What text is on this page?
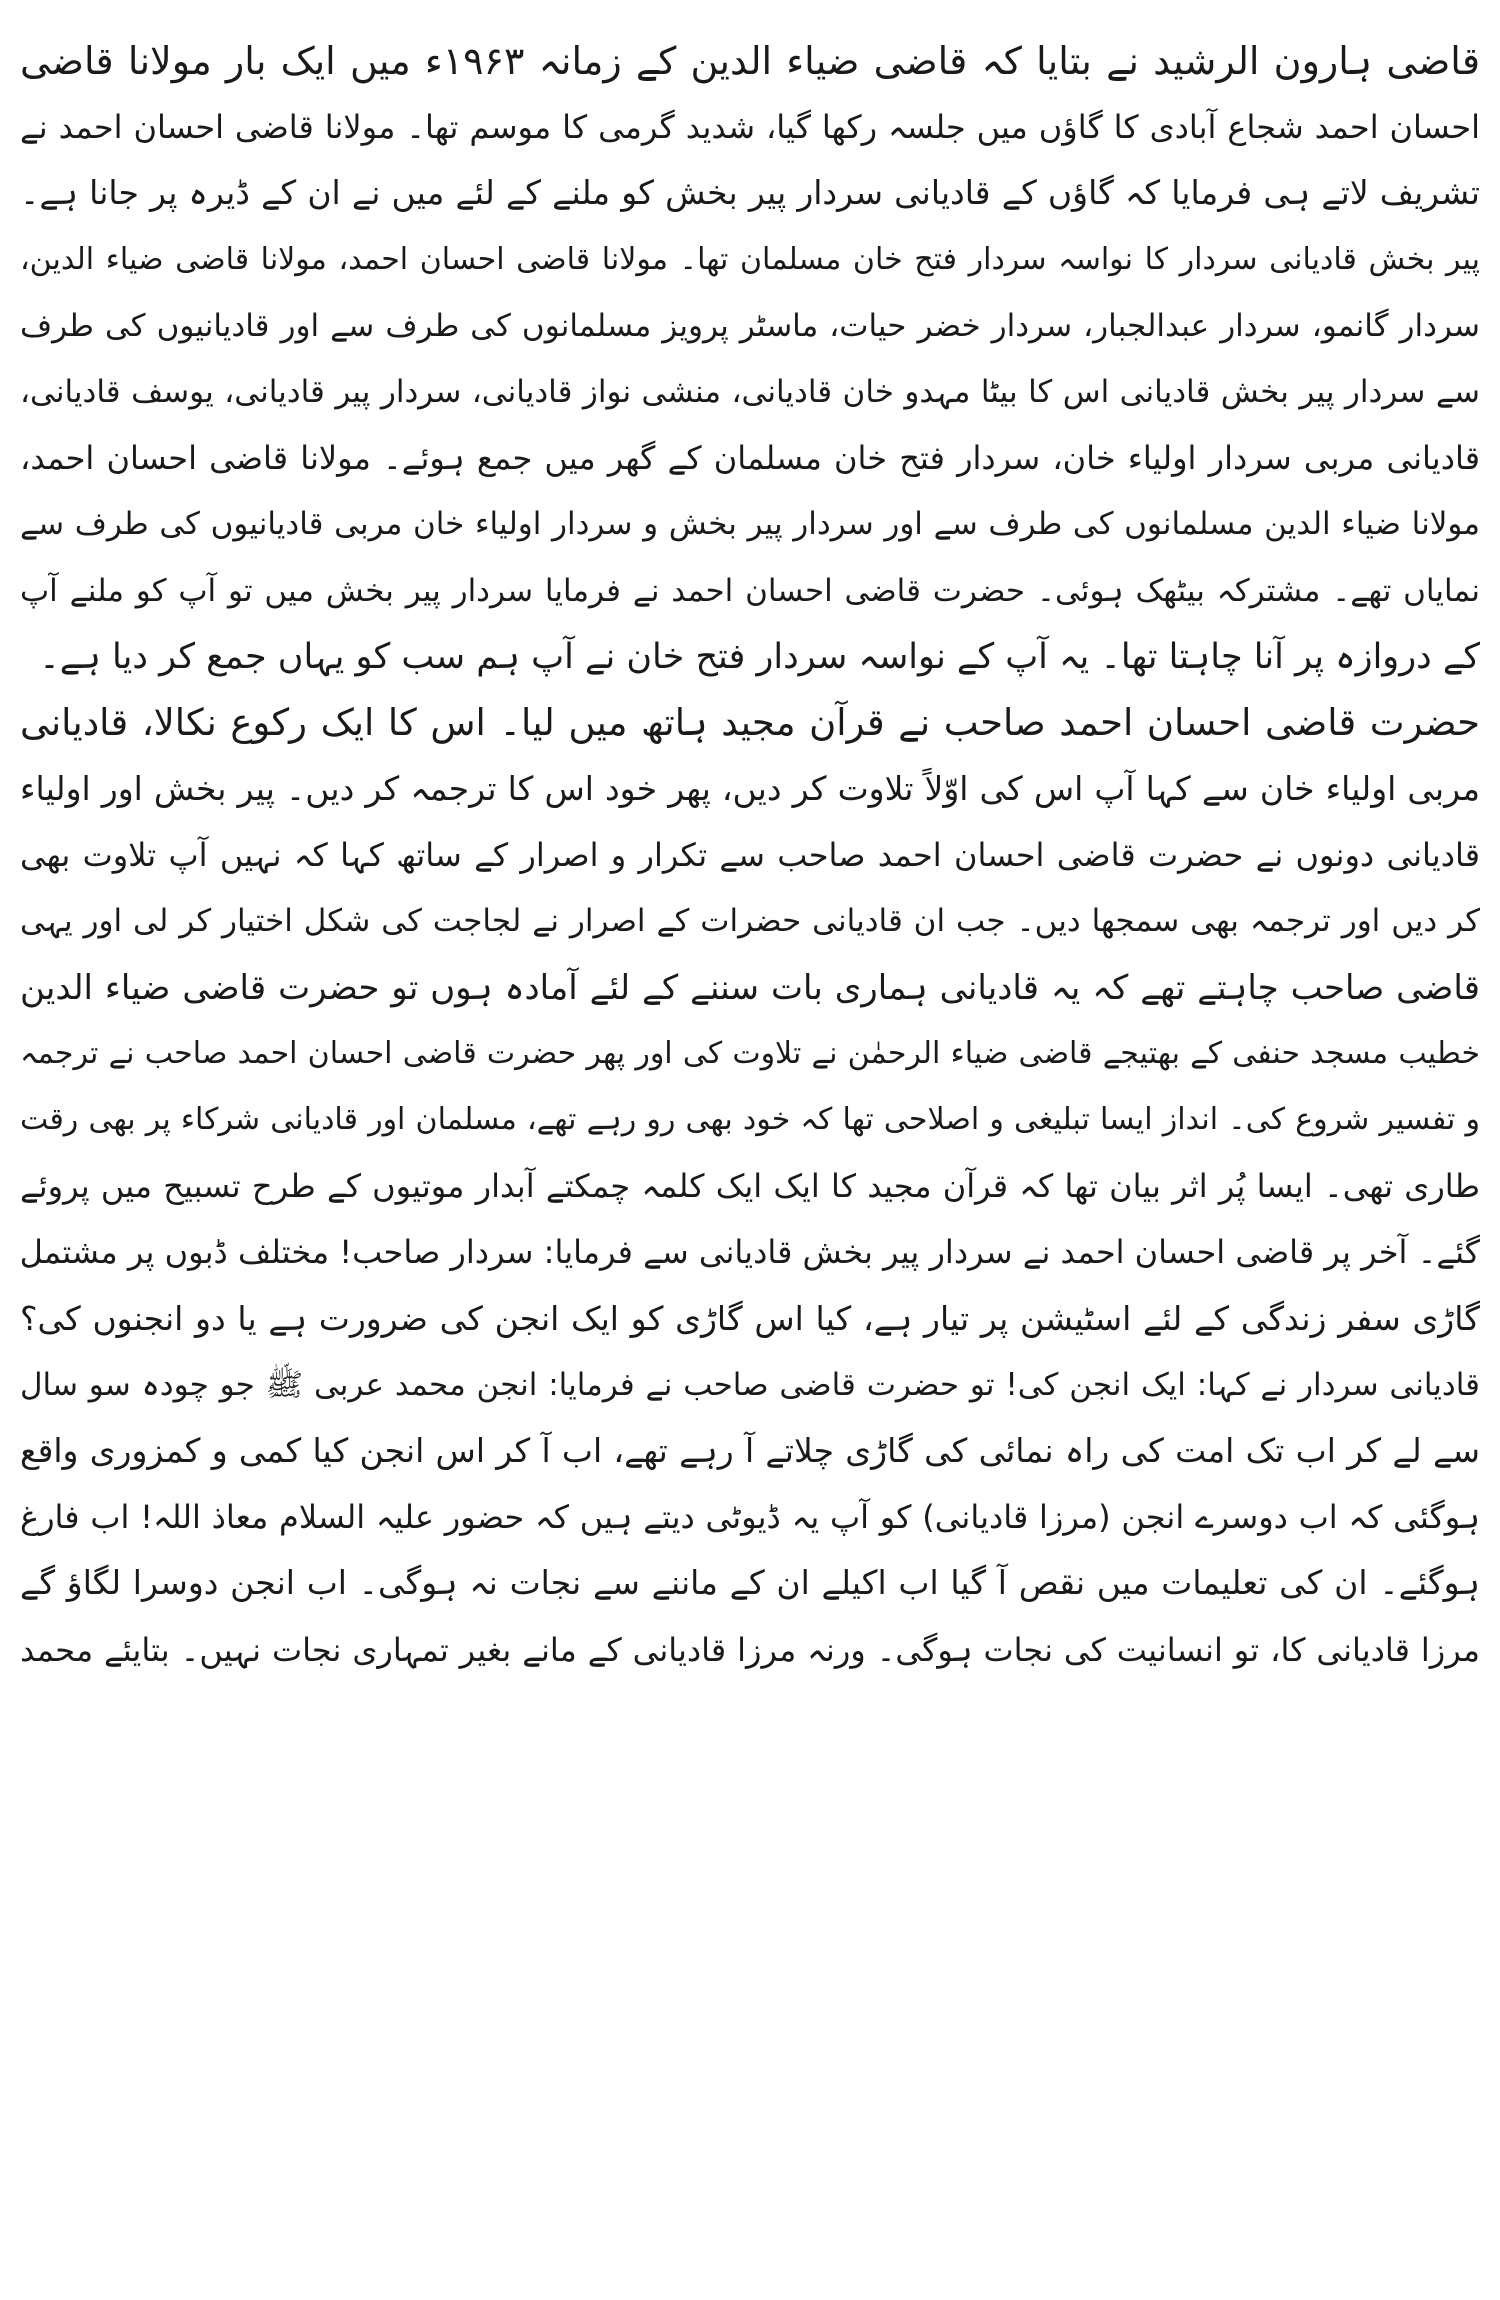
قاضی ہارون الرشید نے بتایا کہ قاضی ضیاء الدین کے زمانہ ۱۹۶۳ء میں ایک بار مولانا قاضی
احسان احمد شجاع آبادی کا گاؤں میں جلسہ رکھا گیا، شدید گرمی کا موسم تھا۔ مولانا قاضی احسان احمد نے
تشریف لاتے ہی فرمایا کہ گاؤں کے قادیانی سردار پیر بخش کو ملنے کے لئے میں نے ان کے ڈیرہ پر جانا ہے۔
پیر بخش قادیانی سردار کا نواسہ سردار فتح خان مسلمان تھا۔ مولانا قاضی احسان احمد، مولانا قاضی ضیاء الدین،
سردار گانمو، سردار عبدالجبار، سردار خضر حیات، ماسٹر پرویز مسلمانوں کی طرف سے اور قادیانیوں کی طرف
سے سردار پیر بخش قادیانی اس کا بیٹا مہدو خان قادیانی، منشی نواز قادیانی، سردار پیر قادیانی، یوسف قادیانی،
قادیانی مربی سردار اولیاء خان، سردار فتح خان مسلمان کے گھر میں جمع ہوئے۔ مولانا قاضی احسان احمد،
مولانا ضیاء الدین مسلمانوں کی طرف سے اور سردار پیر بخش و سردار اولیاء خان مربی قادیانیوں کی طرف سے
نمایاں تھے۔ مشترکہ بیٹھک ہوئی۔ حضرت قاضی احسان احمد نے فرمایا سردار پیر بخش میں تو آپ کو ملنے آپ
کے دروازہ پر آنا چاہتا تھا۔ یہ آپ کے نواسہ سردار فتح خان نے آپ ہم سب کو یہاں جمع کر دیا ہے۔
حضرت قاضی احسان احمد صاحب نے قرآن مجید ہاتھ میں لیا۔ اس کا ایک رکوع نکالا، قادیانی
مربی اولیاء خان سے کہا آپ اس کی اوّلاً تلاوت کر دیں، پھر خود اس کا ترجمہ کر دیں۔ پیر بخش اور اولیاء
قادیانی دونوں نے حضرت قاضی احسان احمد صاحب سے تکرار و اصرار کے ساتھ کہا کہ نہیں آپ تلاوت بھی
کر دیں اور ترجمہ بھی سمجھا دیں۔ جب ان قادیانی حضرات کے اصرار نے لجاجت کی شکل اختیار کر لی اور یہی
قاضی صاحب چاہتے تھے کہ یہ قادیانی ہماری بات سننے کے لئے آمادہ ہوں تو حضرت قاضی ضیاء الدین
خطیب مسجد حنفی کے بھتیجے قاضی ضیاء الرحمٰن نے تلاوت کی اور پھر حضرت قاضی احسان احمد صاحب نے ترجمہ
و تفسیر شروع کی۔ انداز ایسا تبلیغی و اصلاحی تھا کہ خود بھی رو رہے تھے، مسلمان اور قادیانی شرکاء پر بھی رقت
طاری تھی۔ ایسا پُر اثر بیان تھا کہ قرآن مجید کا ایک ایک کلمہ چمکتے آبدار موتیوں کے طرح تسبیح میں پروئے
گئے۔ آخر پر قاضی احسان احمد نے سردار پیر بخش قادیانی سے فرمایا: سردار صاحب! مختلف ڈبوں پر مشتمل
گاڑی سفر زندگی کے لئے اسٹیشن پر تیار ہے، کیا اس گاڑی کو ایک انجن کی ضرورت ہے یا دو انجنوں کی؟
قادیانی سردار نے کہا: ایک انجن کی! تو حضرت قاضی صاحب نے فرمایا: انجن محمد عربی ﷺ جو چودہ سو سال
سے لے کر اب تک امت کی راہ نمائی کی گاڑی چلاتے آ رہے تھے، اب آ کر اس انجن کیا کمی و کمزوری واقع
ہوگئی کہ اب دوسرے انجن (مرزا قادیانی) کو آپ یہ ڈیوٹی دیتے ہیں کہ حضور علیہ السلام معاذ اللہ! اب فارغ
ہوگئے۔ ان کی تعلیمات میں نقص آ گیا اب اکیلے ان کے ماننے سے نجات نہ ہوگی۔ اب انجن دوسرا لگاؤ گے
مرزا قادیانی کا، تو انسانیت کی نجات ہوگی۔ ورنہ مرزا قادیانی کے مانے بغیر تمہاری نجات نہیں۔ بتایئے محمد
